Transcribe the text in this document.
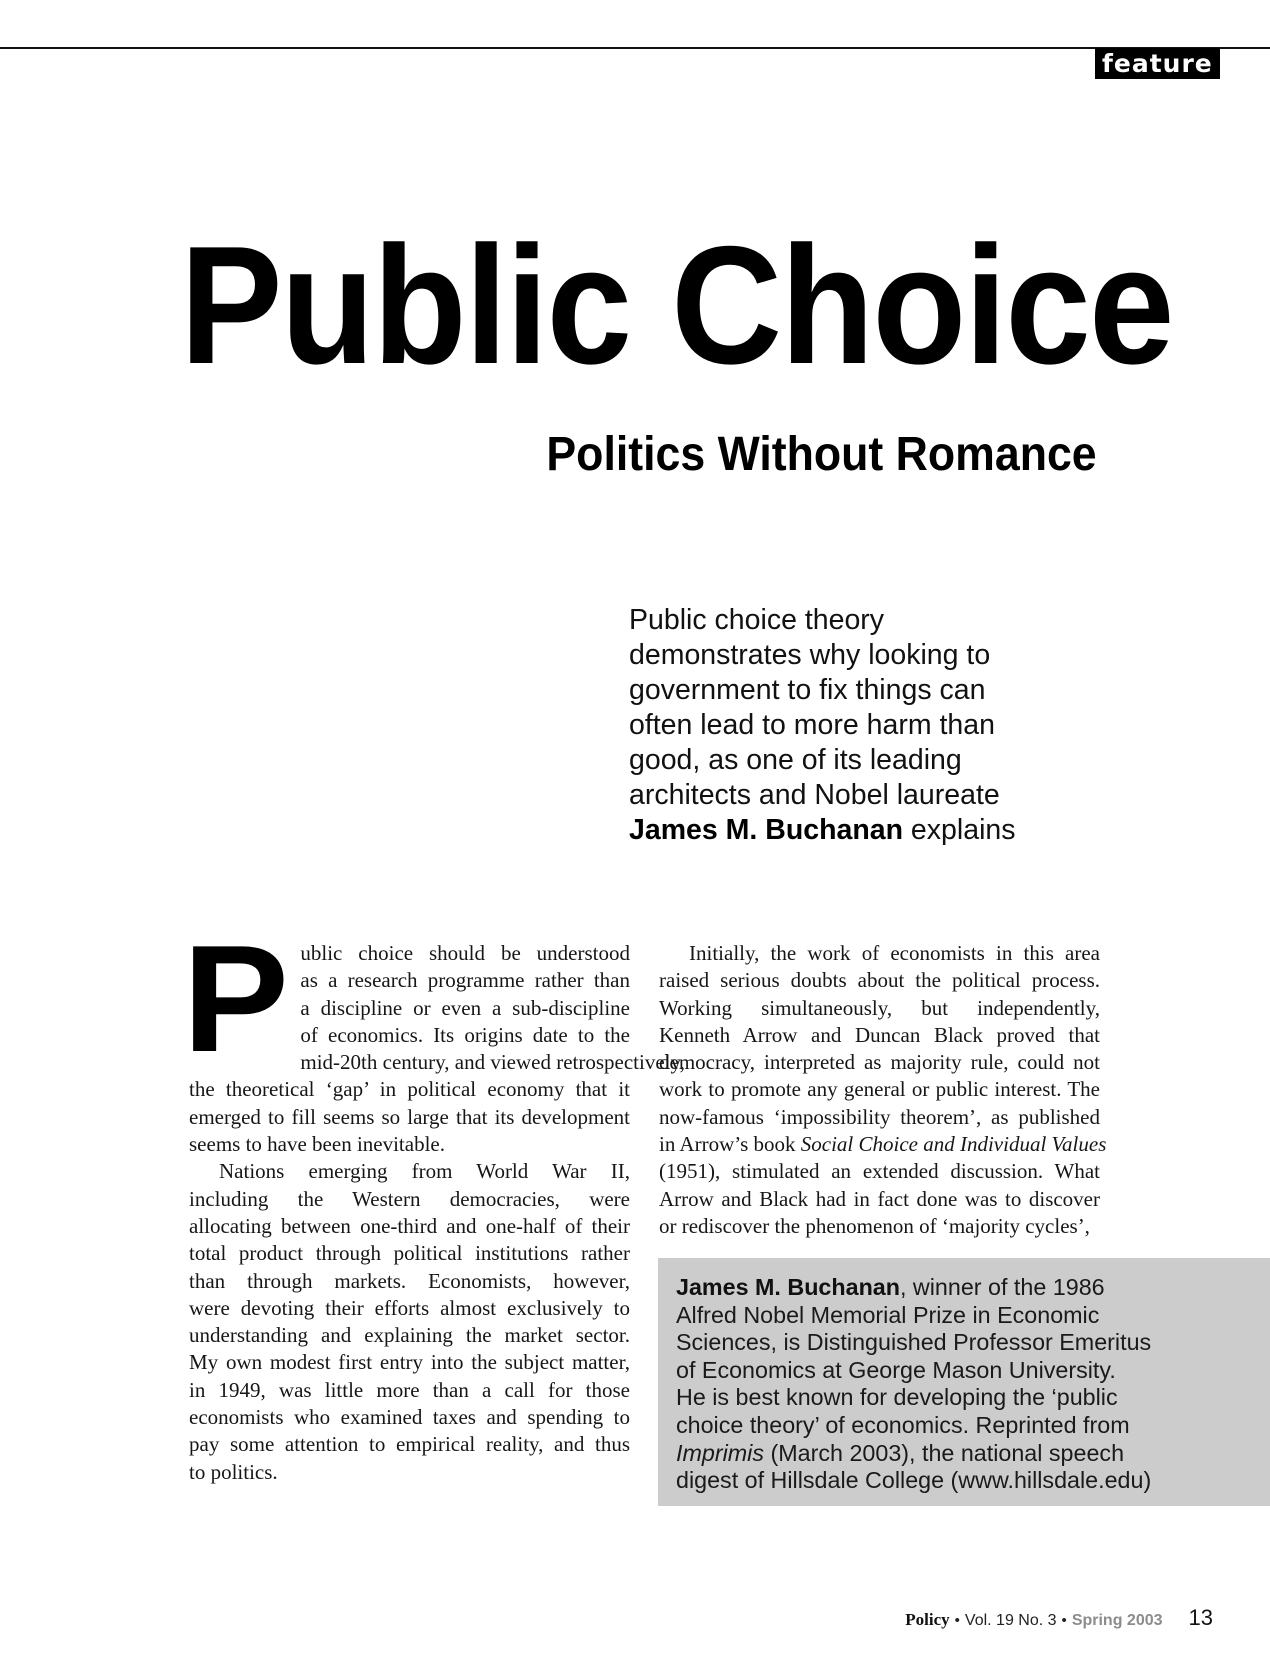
feature
Public Choice
Politics Without Romance
Public choice theory
demonstrates why looking to
government to fix things can
often lead to more harm than
good, as one of its leading
architects and Nobel laureate
James M. Buchanan explains

P ublic choice should be understood
as a research programme rather than
a discipline or even a sub-discipline
of economics. Its origins date to the
mid-20th century, and viewed retrospectively,
the theoretical ‘gap’ in political economy that it
emerged to fill seems so large that its development
seems to have been inevitable.

Nations emerging from World War II,
including the Western democracies, were
allocating between one-third and one-half of their
total product through political institutions rather
than through markets. Economists, however,
were devoting their efforts almost exclusively to
understanding and explaining the market sector.
My own modest first entry into the subject matter,
in 1949, was little more than a call for those
economists who examined taxes and spending to
pay some attention to empirical reality, and thus
to politics.

Initially, the work of economists in this area
raised serious doubts about the political process.
Working simultaneously, but independently,
Kenneth Arrow and Duncan Black proved that
democracy, interpreted as majority rule, could not
work to promote any general or public interest. The
now-famous ‘impossibility theorem’, as published
in Arrow’s book Social Choice and Individual Values
(1951), stimulated an extended discussion. What
Arrow and Black had in fact done was to discover
or rediscover the phenomenon of ‘majority cycles’,

James M. Buchanan, winner of the 1986
Alfred Nobel Memorial Prize in Economic
Sciences, is Distinguished Professor Emeritus
of Economics at George Mason University.
He is best known for developing the ‘public
choice theory’ of economics. Reprinted from
Imprimis (March 2003), the national speech
digest of Hillsdale College (www.hillsdale.edu)
Policy • Vol. 19 No. 3 • Spring 2003 13
